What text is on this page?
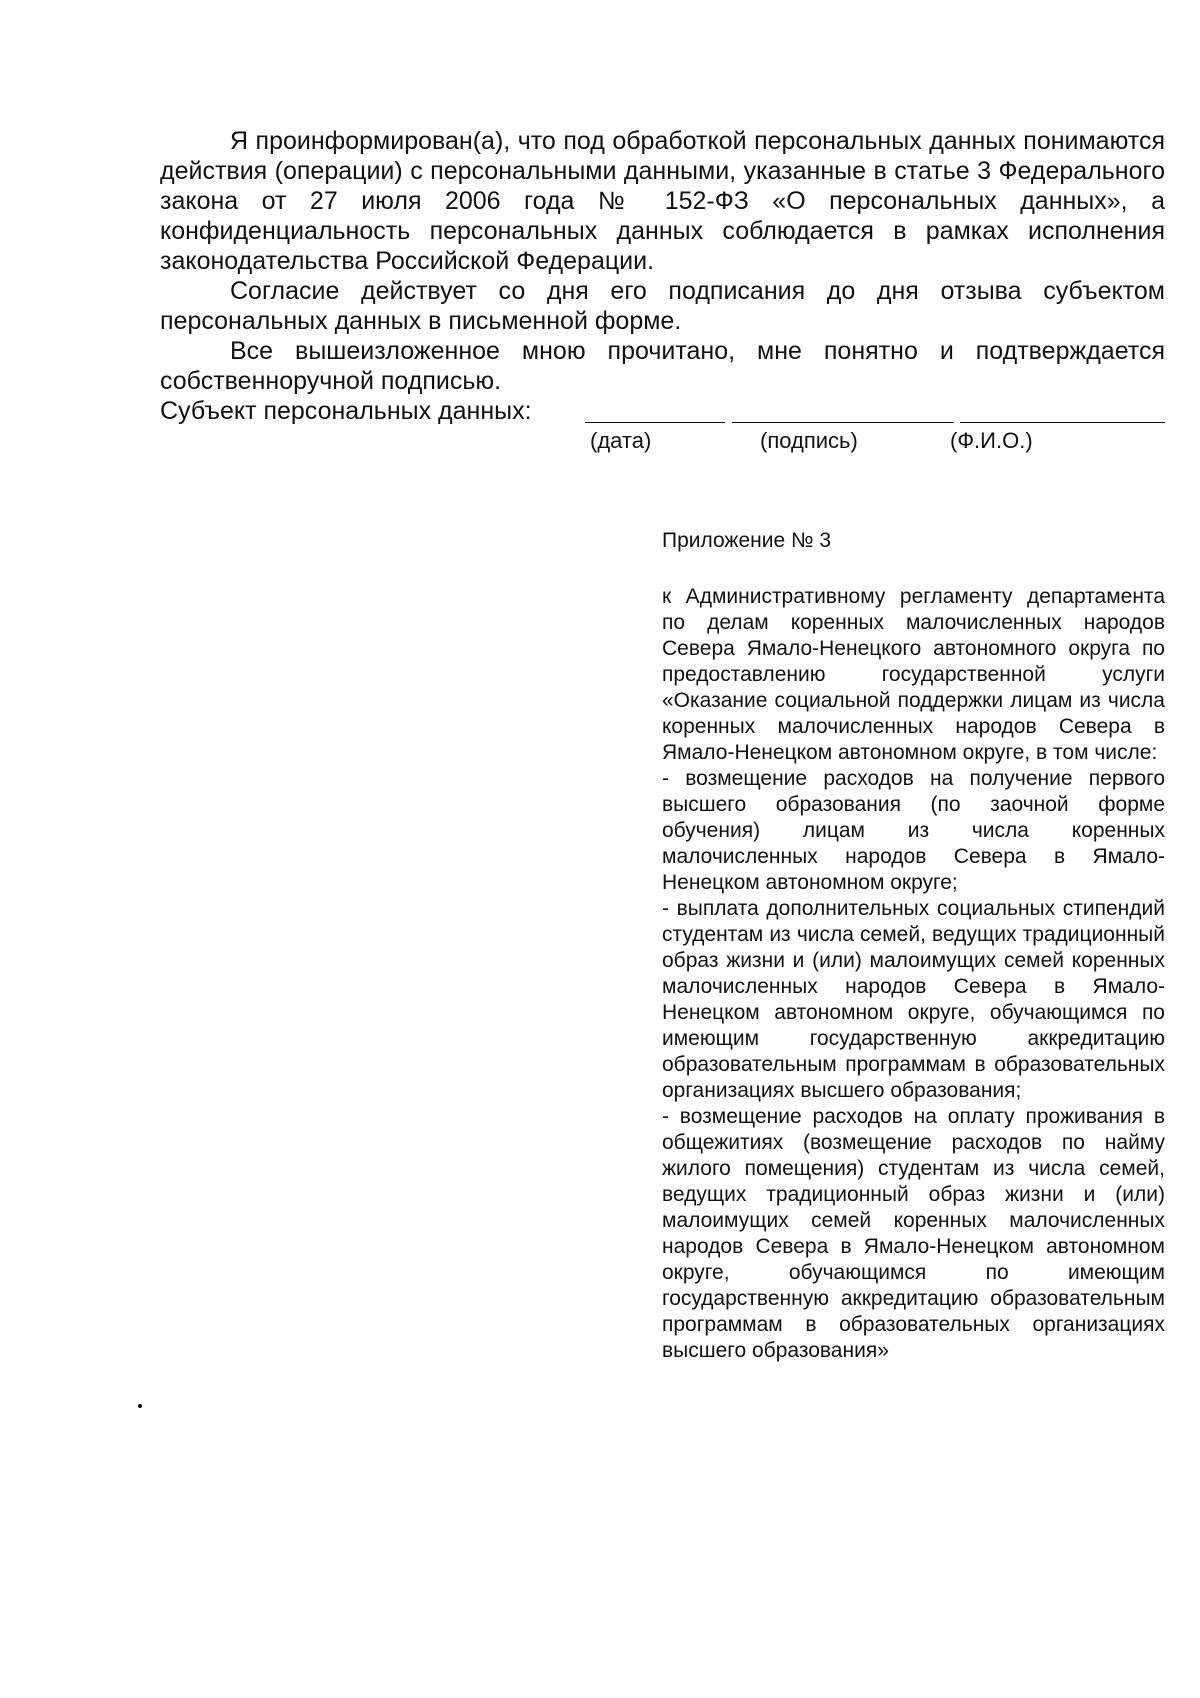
Я проинформирован(а), что под обработкой персональных данных понимаются действия (операции) с персональными данными, указанные в статье 3 Федерального закона от 27 июля 2006 года № 152-ФЗ «О персональных данных», а конфиденциальность персональных данных соблюдается в рамках исполнения законодательства Российской Федерации.

Согласие действует со дня его подписания до дня отзыва субъектом персональных данных в письменной форме.

Все вышеизложенное мною прочитано, мне понятно и подтверждается собственноручной подписью.

Субъект персональных данных:
(дата)	(подпись)	(Ф.И.О.)
Приложение № 3

к Административному регламенту департамента по делам коренных малочисленных народов Севера Ямало-Ненецкого автономного округа по предоставлению государственной услуги «Оказание социальной поддержки лицам из числа коренных малочисленных народов Севера в Ямало-Ненецком автономном округе, в том числе:

- возмещение расходов на получение первого высшего образования (по заочной форме обучения) лицам из числа коренных малочисленных народов Севера в Ямало-Ненецком автономном округе;

- выплата дополнительных социальных стипендий студентам из числа семей, ведущих традиционный образ жизни и (или) малоимущих семей коренных малочисленных народов Севера в Ямало-Ненецком автономном округе, обучающимся по имеющим государственную аккредитацию образовательным программам в образовательных организациях высшего образования;

- возмещение расходов на оплату проживания в общежитиях (возмещение расходов по найму жилого помещения) студентам из числа семей, ведущих традиционный образ жизни и (или) малоимущих семей коренных малочисленных народов Севера в Ямало-Ненецком автономном округе, обучающимся по имеющим государственную аккредитацию образовательным программам в образовательных организациях высшего образования»
